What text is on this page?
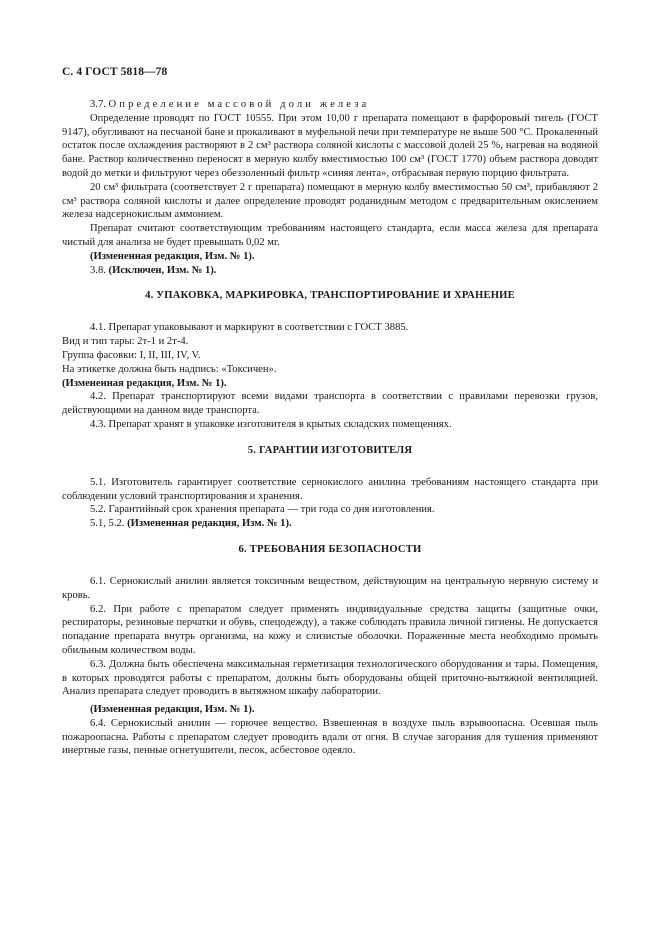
С. 4 ГОСТ 5818—78

3.7. Определение массовой доли железа

Определение проводят по ГОСТ 10555. При этом 10,00 г препарата помещают в фарфоровый тигель (ГОСТ 9147), обугливают на песчаной бане и прокаливают в муфельной печи при температуре не выше 500 °С. Прокаленный остаток после охлаждения растворяют в 2 см³ раствора соляной кислоты с массовой долей 25 %, нагревая на водяной бане. Раствор количественно переносят в мерную колбу вместимостью 100 см³ (ГОСТ 1770) объем раствора доводят водой до метки и фильтруют через обеззоленный фильтр «синяя лента», отбрасывая первую порцию фильтрата.

20 см³ фильтрата (соответствует 2 г препарата) помещают в мерную колбу вместимостью 50 см³, прибавляют 2 см³ раствора соляной кислоты и далее определение проводят роданидным методом с предварительным окислением железа надсернокислым аммонием.

Препарат считают соответствующим требованиям настоящего стандарта, если масса железа для препарата чистый для анализа не будет превышать 0,02 мг.

(Измененная редакция, Изм. № 1).

3.8. (Исключен, Изм. № 1).

4. УПАКОВКА, МАРКИРОВКА, ТРАНСПОРТИРОВАНИЕ И ХРАНЕНИЕ

4.1. Препарат упаковывают и маркируют в соответствии с ГОСТ 3885.

Вид и тип тары: 2т-1 и 2т-4.

Группа фасовки: I, II, III, IV, V.

На этикетке должна быть надпись: «Токсичен».

(Измененная редакция, Изм. № 1).

4.2. Препарат транспортируют всеми видами транспорта в соответствии с правилами перевозки грузов, действующими на данном виде транспорта.

4.3. Препарат хранят в упаковке изготовителя в крытых складских помещениях.

5. ГАРАНТИИ ИЗГОТОВИТЕЛЯ

5.1. Изготовитель гарантирует соответствие сернокислого анилина требованиям настоящего стандарта при соблюдении условий транспортирования и хранения.

5.2. Гарантийный срок хранения препарата — три года со дня изготовления.

5.1, 5.2. (Измененная редакция, Изм. № 1).

6. ТРЕБОВАНИЯ БЕЗОПАСНОСТИ

6.1. Сернокислый анилин является токсичным веществом, действующим на центральную нервную систему и кровь.

6.2. При работе с препаратом следует применять индивидуальные средства защиты (защитные очки, респираторы, резиновые перчатки и обувь, спецодежду), а также соблюдать правила личной гигиены. Не допускается попадание препарата внутрь организма, на кожу и слизистые оболочки. Пораженные места необходимо промыть обильным количеством воды.

6.3. Должна быть обеспечена максимальная герметизация технологического оборудования и тары. Помещения, в которых проводятся работы с препаратом, должны быть оборудованы общей приточно-вытяжной вентиляцией. Анализ препарата следует проводить в вытяжном шкафу лаборатории.

(Измененная редакция, Изм. № 1).

6.4. Сернокислый анилин — горючее вещество. Взвешенная в воздухе пыль взрывоопасна. Осевшая пыль пожароопасна. Работы с препаратом следует проводить вдали от огня. В случае загорания для тушения применяют инертные газы, пенные огнетушители, песок, асбестовое одеяло.
